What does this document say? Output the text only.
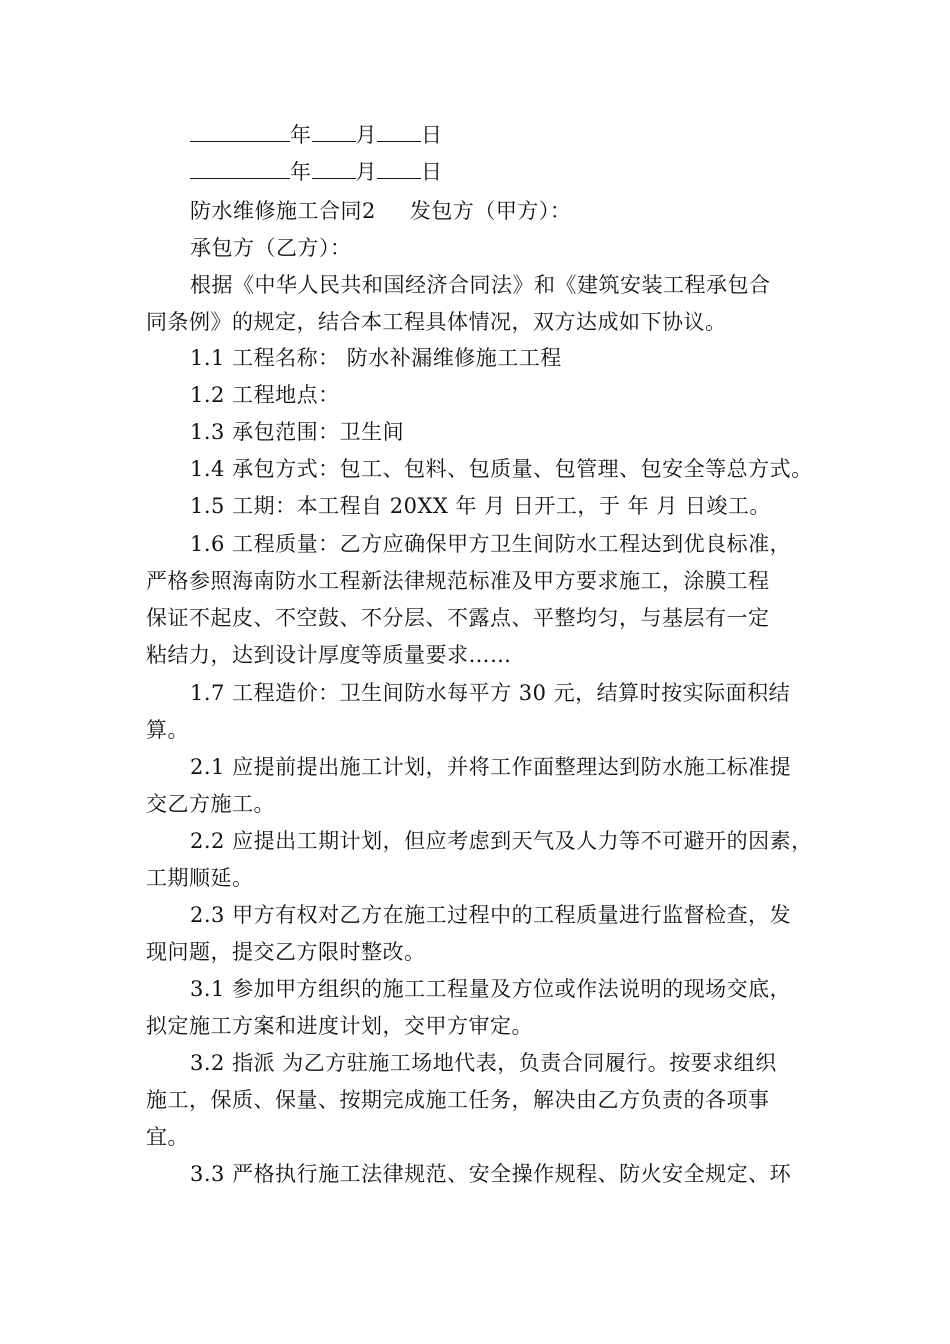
年 月 日
年 月 日
防水维修施工合同2 发包方（甲方）：
承包方（乙方）：
根据《中华人民共和国经济合同法》和《建筑安装工程承包合
同条例》的规定，结合本工程具体情况，双方达成如下协议。
1.1 工程名称： 防水补漏维修施工工程
1.2 工程地点：
1.3 承包范围：卫生间
1.4 承包方式：包工、包料、包质量、包管理、包安全等总方式。
1.5 工期：本工程自 20XX 年 月 日开工，于 年 月 日竣工。
1.6 工程质量：乙方应确保甲方卫生间防水工程达到优良标准，
严格参照海南防水工程新法律规范标准及甲方要求施工，涂膜工程
保证不起皮、不空鼓、不分层、不露点、平整均匀，与基层有一定
粘结力，达到设计厚度等质量要求……
1.7 工程造价：卫生间防水每平方 30 元，结算时按实际面积结
算。
2.1 应提前提出施工计划，并将工作面整理达到防水施工标准提
交乙方施工。
2.2 应提出工期计划，但应考虑到天气及人力等不可避开的因素，
工期顺延。
2.3 甲方有权对乙方在施工过程中的工程质量进行监督检查，发
现问题，提交乙方限时整改。
3.1 参加甲方组织的施工工程量及方位或作法说明的现场交底，
拟定施工方案和进度计划，交甲方审定。
3.2 指派 为乙方驻施工场地代表，负责合同履行。按要求组织
施工，保质、保量、按期完成施工任务，解决由乙方负责的各项事
宜。
3.3 严格执行施工法律规范、安全操作规程、防火安全规定、环
